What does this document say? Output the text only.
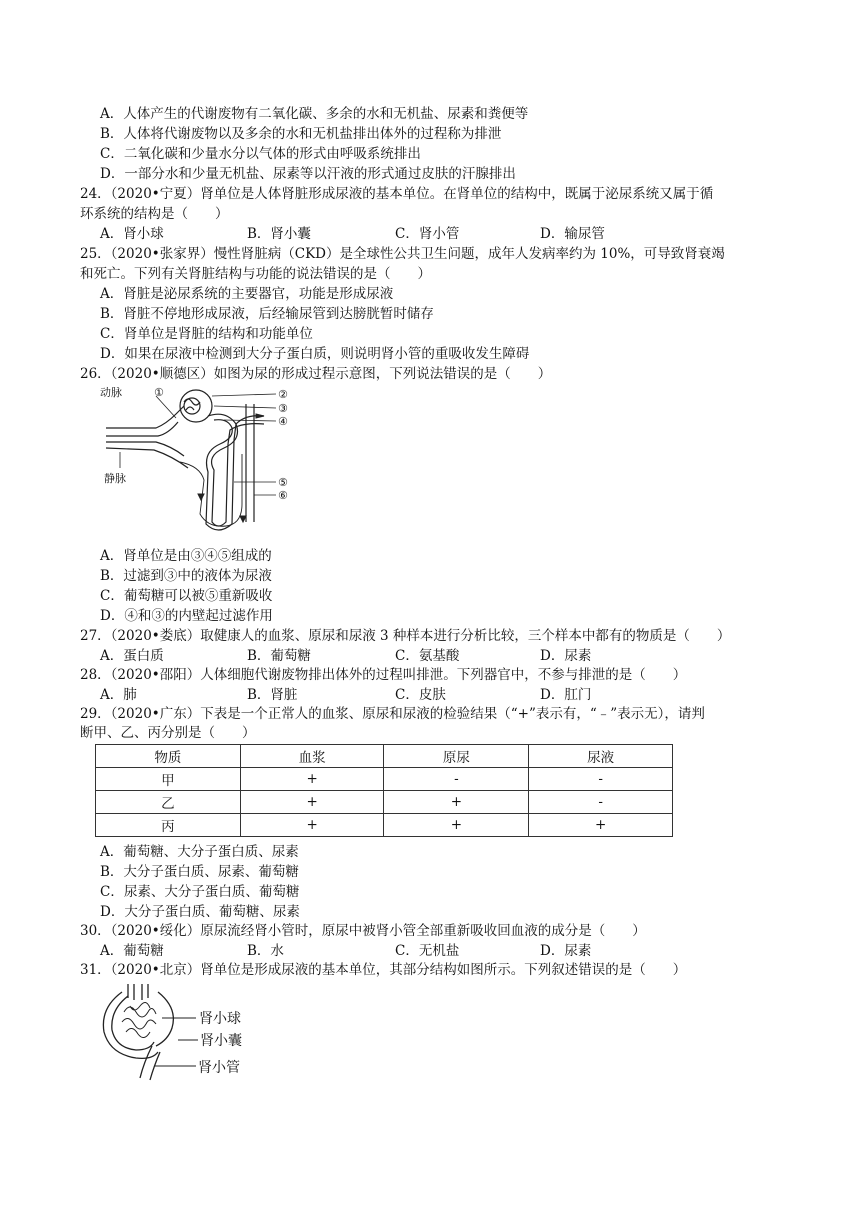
A．人体产生的代谢废物有二氧化碳、多余的水和无机盐、尿素和粪便等
B．人体将代谢废物以及多余的水和无机盐排出体外的过程称为排泄
C．二氧化碳和少量水分以气体的形式由呼吸系统排出
D．一部分水和少量无机盐、尿素等以汗液的形式通过皮肤的汗腺排出
24．（2020•宁夏）肾单位是人体肾脏形成尿液的基本单位。在肾单位的结构中，既属于泌尿系统又属于循
环系统的结构是（　　）
A．肾小球	B．肾小囊	C．肾小管	D．输尿管
25．（2020•张家界）慢性肾脏病（CKD）是全球性公共卫生问题，成年人发病率约为 10%，可导致肾衰竭
和死亡。下列有关肾脏结构与功能的说法错误的是（　　）
A．肾脏是泌尿系统的主要器官，功能是形成尿液
B．肾脏不停地形成尿液，后经输尿管到达膀胱暂时储存
C．肾单位是肾脏的结构和功能单位
D．如果在尿液中检测到大分子蛋白质，则说明肾小管的重吸收发生障碍
26．（2020•顺德区）如图为尿的形成过程示意图，下列说法错误的是（　　）
动脉
静脉
①	②
③
④
⑤
⑥
A．肾单位是由③④⑤组成的
B．过滤到③中的液体为尿液
C．葡萄糖可以被⑤重新吸收
D．④和③的内壁起过滤作用
27．（2020•娄底）取健康人的血浆、原尿和尿液 3 种样本进行分析比较，三个样本中都有的物质是（　　）
A．蛋白质	B．葡萄糖	C．氨基酸	D．尿素
28．（2020•邵阳）人体细胞代谢废物排出体外的过程叫排泄。下列器官中，不参与排泄的是（　　）
A．肺	B．肾脏	C．皮肤	D．肛门
29．（2020•广东）下表是一个正常人的血浆、原尿和尿液的检验结果（“+”表示有，“﹣”表示无），请判
断甲、乙、丙分别是（　　）
物质	血浆	原尿	尿液
甲	+	-	-
乙	+	+	-
丙	+	+	+
A．葡萄糖、大分子蛋白质、尿素
B．大分子蛋白质、尿素、葡萄糖
C．尿素、大分子蛋白质、葡萄糖
D．大分子蛋白质、葡萄糖、尿素
30．（2020•绥化）原尿流经肾小管时，原尿中被肾小管全部重新吸收回血液的成分是（　　）
A．葡萄糖	B．水	C．无机盐	D．尿素
31．（2020•北京）肾单位是形成尿液的基本单位，其部分结构如图所示。下列叙述错误的是（　　）
肾小球
肾小囊
肾小管
